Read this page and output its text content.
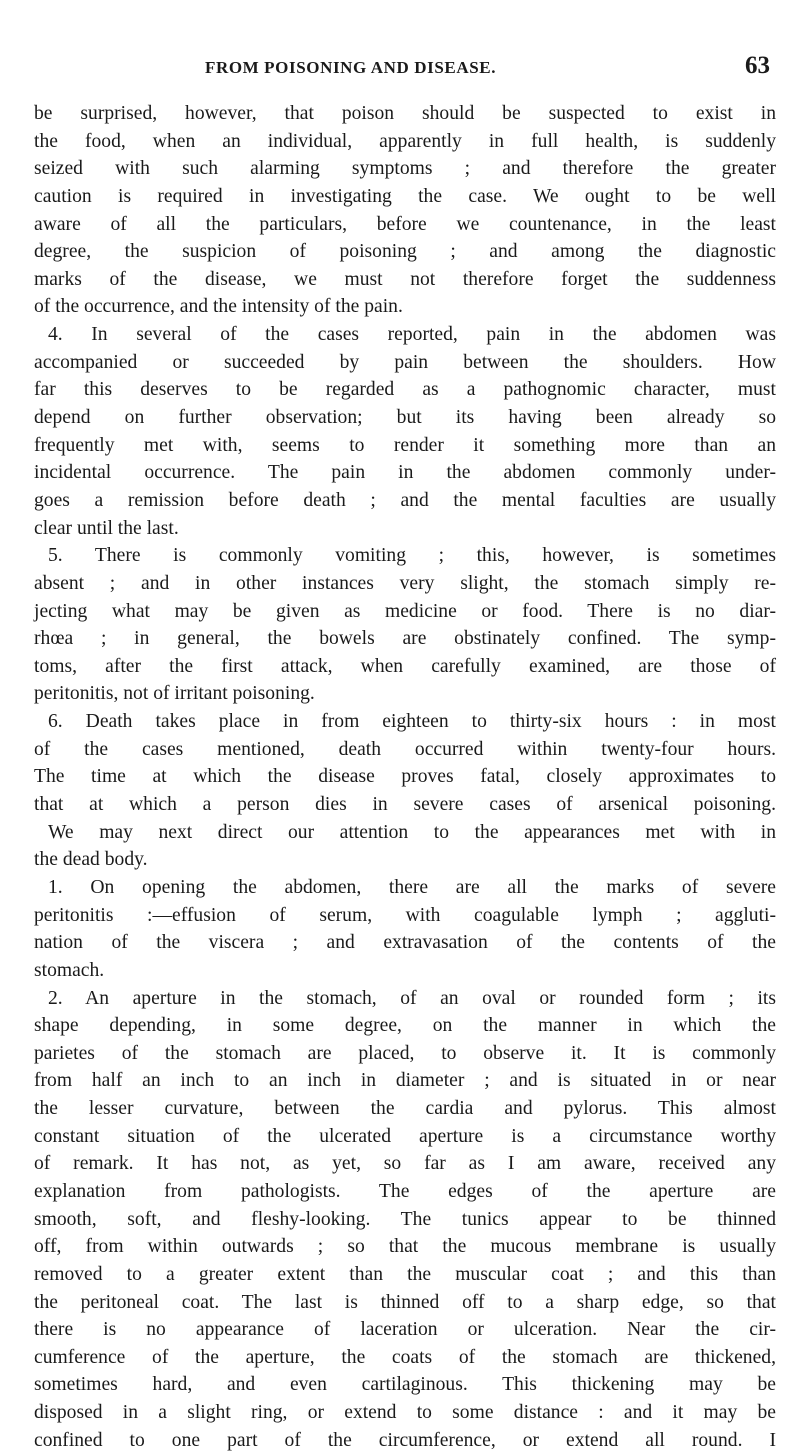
FROM POISONING AND DISEASE.	63
be surprised, however, that poison should be suspected to exist in
the food, when an individual, apparently in full health, is suddenly
seized with such alarming symptoms ; and therefore the greater
caution is required in investigating the case. We ought to be well
aware of all the particulars, before we countenance, in the least
degree, the suspicion of poisoning ; and among the diagnostic
marks of the disease, we must not therefore forget the suddenness
of the occurrence, and the intensity of the pain.
4. In several of the cases reported, pain in the abdomen was
accompanied or succeeded by pain between the shoulders. How
far this deserves to be regarded as a pathognomic character, must
depend on further observation; but its having been already so
frequently met with, seems to render it something more than an
incidental occurrence. The pain in the abdomen commonly under-
goes a remission before death ; and the mental faculties are usually
clear until the last.
5. There is commonly vomiting ; this, however, is sometimes
absent ; and in other instances very slight, the stomach simply re-
jecting what may be given as medicine or food. There is no diar-
rhœa ; in general, the bowels are obstinately confined. The symp-
toms, after the first attack, when carefully examined, are those of
peritonitis, not of irritant poisoning.
6. Death takes place in from eighteen to thirty-six hours : in most
of the cases mentioned, death occurred within twenty-four hours.
The time at which the disease proves fatal, closely approximates to
that at which a person dies in severe cases of arsenical poisoning.
We may next direct our attention to the appearances met with in
the dead body.
1. On opening the abdomen, there are all the marks of severe
peritonitis :—effusion of serum, with coagulable lymph ; aggluti-
nation of the viscera ; and extravasation of the contents of the
stomach.
2. An aperture in the stomach, of an oval or rounded form ; its
shape depending, in some degree, on the manner in which the
parietes of the stomach are placed, to observe it. It is commonly
from half an inch to an inch in diameter ; and is situated in or near
the lesser curvature, between the cardia and pylorus. This almost
constant situation of the ulcerated aperture is a circumstance worthy
of remark. It has not, as yet, so far as I am aware, received any
explanation from pathologists. The edges of the aperture are
smooth, soft, and fleshy-looking. The tunics appear to be thinned
off, from within outwards ; so that the mucous membrane is usually
removed to a greater extent than the muscular coat ; and this than
the peritoneal coat. The last is thinned off to a sharp edge, so that
there is no appearance of laceration or ulceration. Near the cir-
cumference of the aperture, the coats of the stomach are thickened,
sometimes hard, and even cartilaginous. This thickening may be
disposed in a slight ring, or extend to some distance : and it may be
confined to one part of the circumference, or extend all round. I
